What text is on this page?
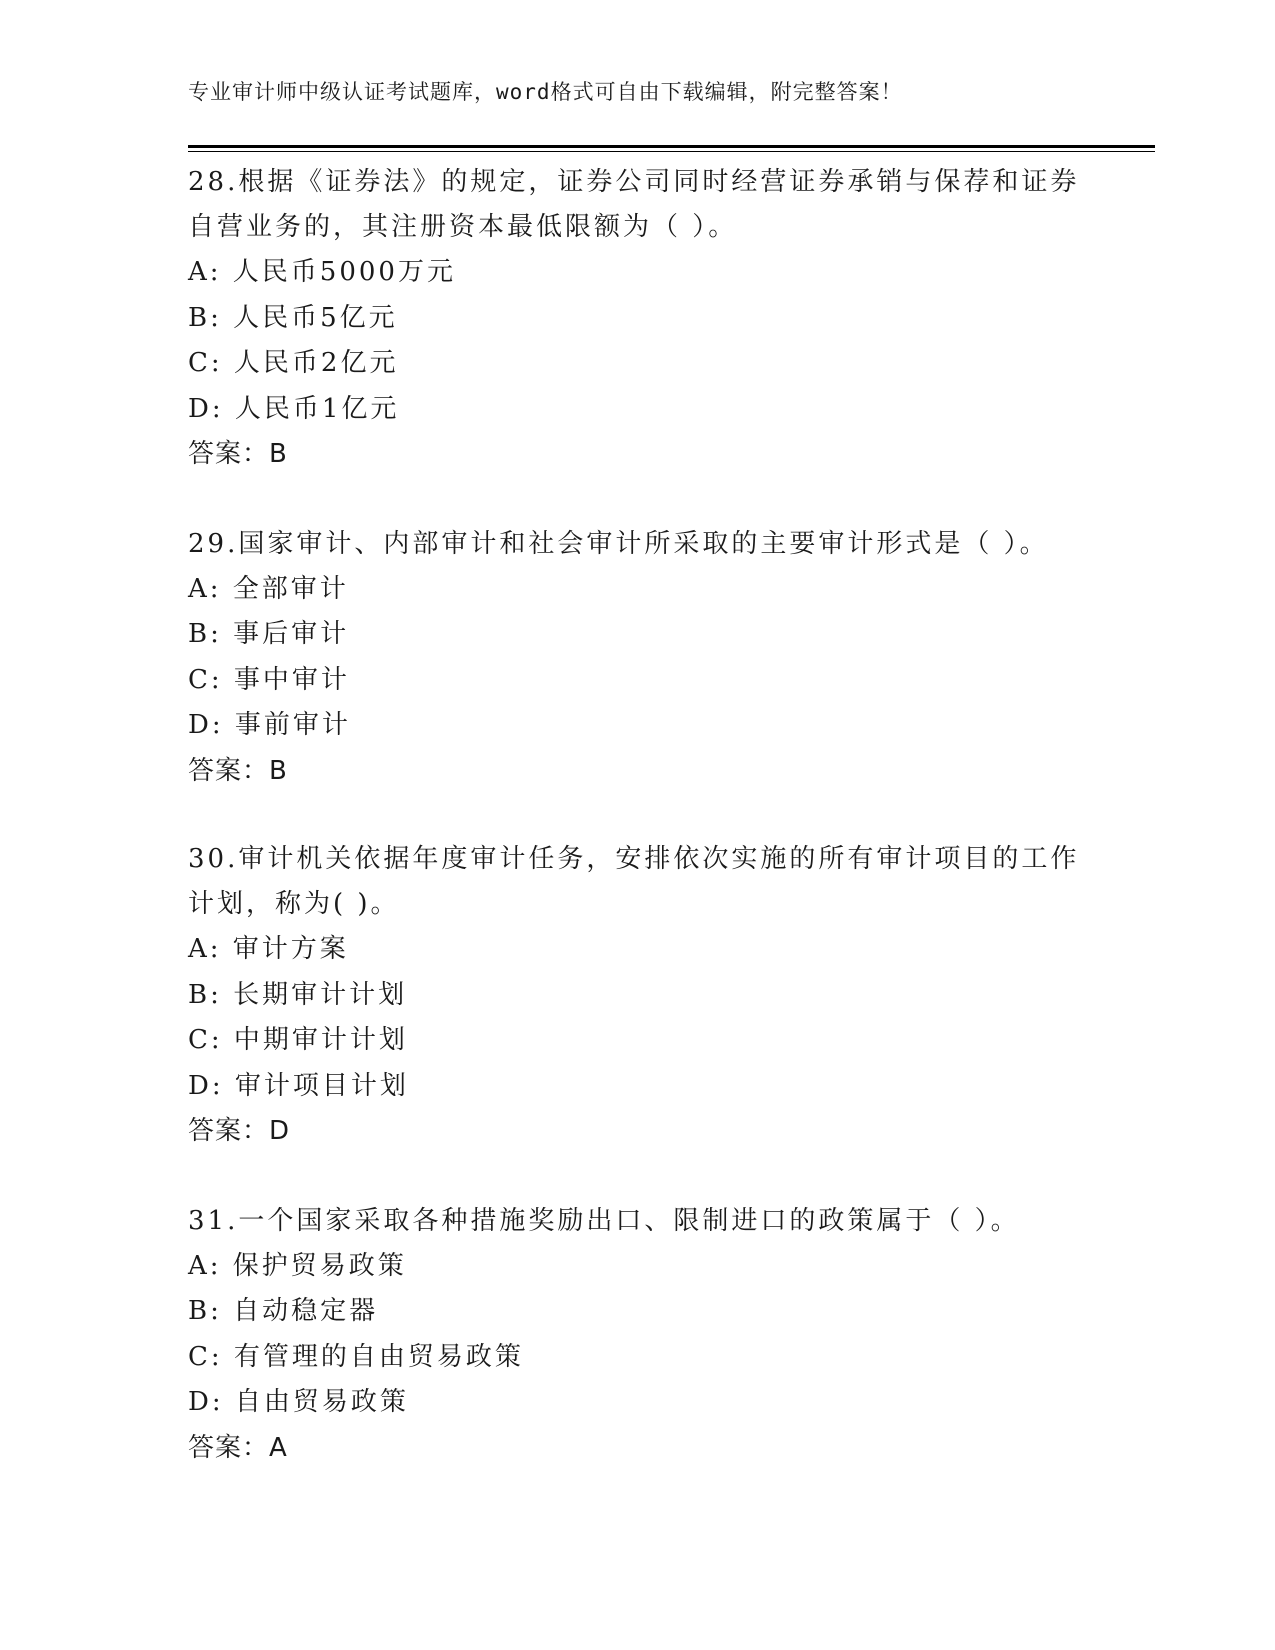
专业审计师中级认证考试题库，word格式可自由下载编辑，附完整答案！

28.根据《证券法》的规定，证券公司同时经营证券承销与保荐和证券

自营业务的，其注册资本最低限额为（ ）。

A: 人民币5000万元

B: 人民币5亿元

C: 人民币2亿元

D: 人民币1亿元

答案：B

29.国家审计、内部审计和社会审计所采取的主要审计形式是（ ）。

A: 全部审计

B: 事后审计

C: 事中审计

D: 事前审计

答案：B

30.审计机关依据年度审计任务，安排依次实施的所有审计项目的工作

计划，称为( )。

A: 审计方案

B: 长期审计计划

C: 中期审计计划

D: 审计项目计划

答案：D

31.一个国家采取各种措施奖励出口、限制进口的政策属于（ ）。

A: 保护贸易政策

B: 自动稳定器

C: 有管理的自由贸易政策

D: 自由贸易政策

答案：A
